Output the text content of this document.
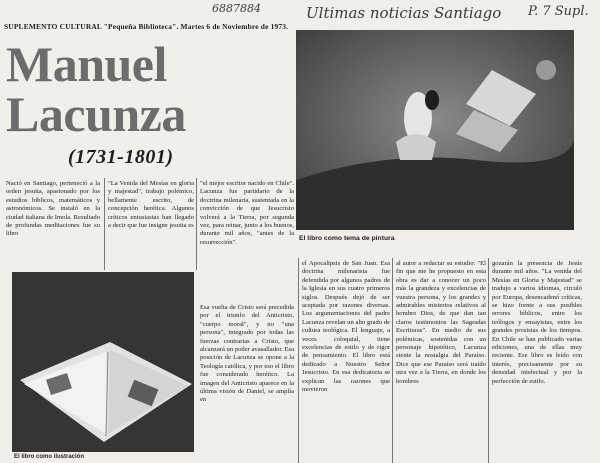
6887884	Ultimas noticias Santiago P. 7 Supl.
SUPLEMENTO CULTURAL "Pequeña Biblioteca". Martes 6 de Noviembre de 1973.
Manuel
Lacunza
(1731-1801)
El libro como tema de pintura
Nació en Santiago, perteneció a la orden jesuita, apasionado por los estudios bíblicos, matemáticos y astronómicos. Se instaló en la ciudad italiana de Imola. Resultado de profundas meditaciones fue su libro
"La Venida del Mesías en gloria y majestad", trabajo polémico, bellamente escrito, de concepción herética. Algunos críticos entusiastas han llegado a decir que fue insigne jesuita es
"el mejor escritor nacido en Chile". Lacunza fue partidario de la doctrina milenaria, sustentada en la convicción de que Jesucristo volverá a la Tierra, por segunda vez, para reinar, junto a los buenos, durante mil años, "antes de la resurrección".
Esa vuelta de Cristo será precedida por el triunfo del Anticristo, "cuerpo moral", y no "una persona", integrado por todas las fuerzas contrarias a Cristo, que alcanzará un poder avasallador. Esa posición de Lacunza se opone a la Teología católica, y por eso el libro fue considerado herético. La imagen del Anticristo aparece en la última visión de Daniel, se amplía en
El libro como ilustración
el Apocalipsis de San Juan. Esa doctrina milenarista fue defendida por algunos padres de la Iglesia en sus cuatro primeros siglos. Después dejó de ser aceptada por razones diversas. Los argumentaciones del padre Lacunza revelan un alto grado de cultura teológica. El lenguaje, a veces coloquial, tiene excelencias de estilo y de rigor de pensamiento. El libro está dedicado a Nuestro Señor Jesucristo. En esa dedicatoria se explican las razones que movieron
al autor a redactar su estudio: "El fin que me he propuesto en esta obra es dar a conocer un poco más la grandeza y excelencias de vuestra persona, y los grandes y admirables misterios relativos al hombre Dios, de que dan tan claros testimonios las Sagradas Escrituras". En medio de sus polémicas, sostenidas con un personaje hipotético, Lacunza siente la nostalgia del Paraíso. Dice que ese Paraíso será traído otra vez a la Tierra, en donde los hombres
gozarán la presencia de Jesús durante mil años. "La venida del Mesías en Gloria y Majestad" se tradujo a varios idiomas, circuló por Europa, desencadenó críticas, se hizo frente a sus posibles errores bíblicos, entre los teólogos y ensayistas, entre los grandes prosistas de los tiempos. En Chile se han publicado varias ediciones, una de ellas muy reciente. Ese libro es leído con interés, precisamente por su densidad intelectual y por la perfección de estilo.
